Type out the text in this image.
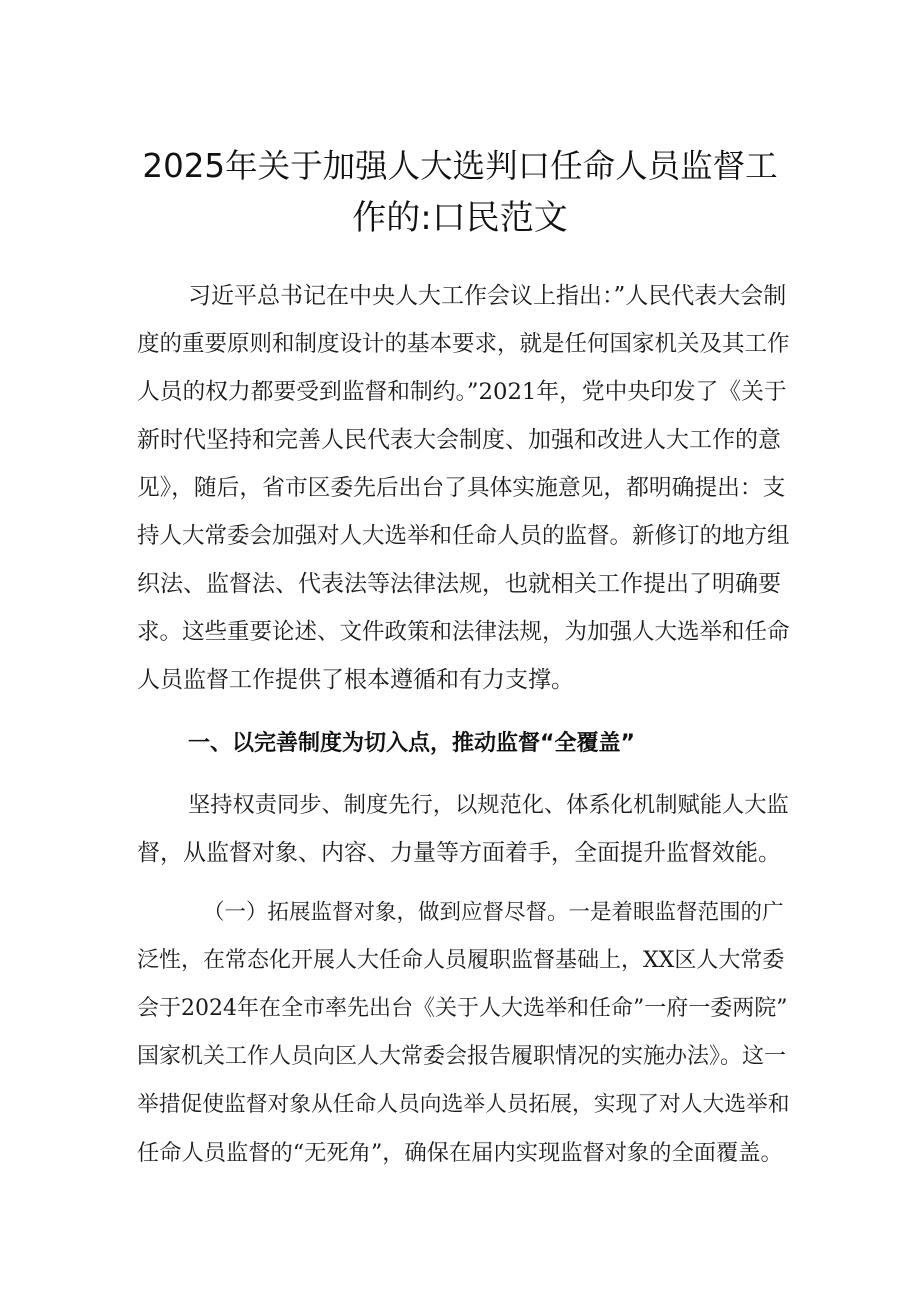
2025年关于加强人大选判口任命人员监督工
作的:口民范文
习近平总书记在中央人大工作会议上指出：”人民代表大会制
度的重要原则和制度设计的基本要求，就是任何国家机关及其工作
人员的权力都要受到监督和制约。”2021年，党中央印发了《关于
新时代坚持和完善人民代表大会制度、加强和改进人大工作的意
见》，随后，省市区委先后出台了具体实施意见，都明确提出：支
持人大常委会加强对人大选举和任命人员的监督。新修订的地方组
织法、监督法、代表法等法律法规，也就相关工作提出了明确要
求。这些重要论述、文件政策和法律法规，为加强人大选举和任命
人员监督工作提供了根本遵循和有力支撑。
一、以完善制度为切入点，推动监督“全覆盖”
坚持权责同步、制度先行，以规范化、体系化机制赋能人大监
督，从监督对象、内容、力量等方面着手，全面提升监督效能。
（一）拓展监督对象，做到应督尽督。一是着眼监督范围的广
泛性，在常态化开展人大任命人员履职监督基础上，XX区人大常委
会于2024年在全市率先出台《关于人大选举和任命”一府一委两院”
国家机关工作人员向区人大常委会报告履职情况的实施办法》。这一
举措促使监督对象从任命人员向选举人员拓展，实现了对人大选举和
任命人员监督的“无死角”，确保在届内实现监督对象的全面覆盖。
